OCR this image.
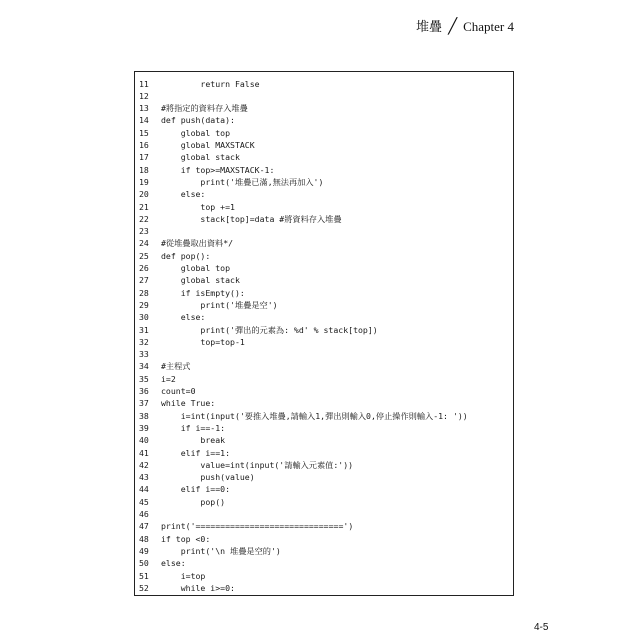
堆疊 ╱ Chapter 4
11        return False
12
13 #將指定的資料存入堆疊
14 def push(data):
15    global top
16    global MAXSTACK
17    global stack
18    if top>=MAXSTACK-1:
19        print('堆疊已滿,無法再加入')
20    else:
21        top +=1
22        stack[top]=data #將資料存入堆疊
23
24 #從堆疊取出資料*/
25 def pop():
26    global top
27    global stack
28    if isEmpty():
29        print('堆疊是空')
30    else:
31        print('彈出的元素為: %d' % stack[top])
32        top=top-1
33
34 #主程式
35 i=2
36 count=0
37 while True:
38    i=int(input('要推入堆疊,請輸入1,彈出則輸入0,停止操作則輸入-1: '))
39    if i==-1:
40        break
41    elif i==1:
42        value=int(input('請輸入元素值:'))
43        push(value)
44    elif i==0:
45        pop()
46
47 print('==============================')
48 if top <0:
49    print('\n 堆疊是空的')
50 else:
51    i=top
52    while i>=0:
4-5
